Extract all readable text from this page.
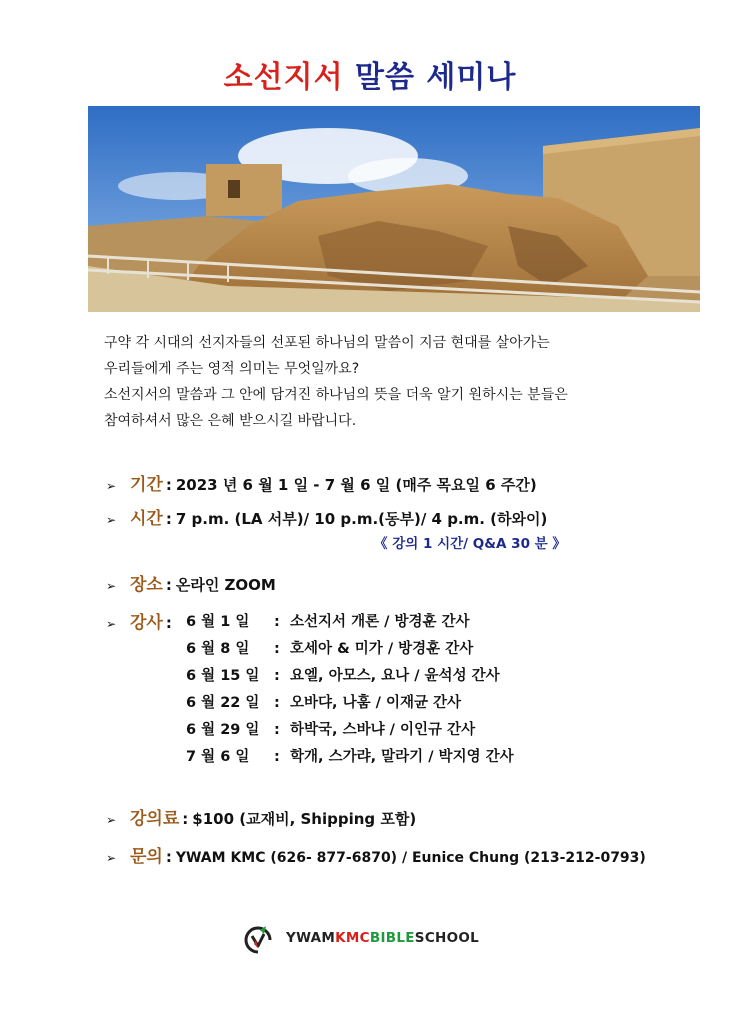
소선지서 말씀 세미나

구약 각 시대의 선지자들의 선포된 하나님의 말씀이 지금 현대를 살아가는

우리들에게 주는 영적 의미는 무엇일까요?

소선지서의 말씀과 그 안에 담겨진 하나님의 뜻을 더욱 알기 원하시는 분들은

참여하셔서 많은 은혜 받으시길 바랍니다.

➢ 기간 : 2023 년 6 월 1 일 - 7 월 6 일 (매주 목요일 6 주간)
➢ 시간 : 7 p.m. (LA 서부)/ 10 p.m.(동부)/ 4 p.m. (하와이)
《 강의 1 시간/ Q&A 30 분 》
➢ 장소 : 온라인 ZOOM
➢ 강사 : 6 월 1 일 : 소선지서 개론 / 방경훈 간사
6 월 8 일 : 호세아 & 미가 / 방경훈 간사
6 월 15 일 : 요엘, 아모스, 요나 / 윤석성 간사
6 월 22 일 : 오바댜, 나훔 / 이재균 간사
6 월 29 일 : 하박국, 스바냐 / 이인규 간사
7 월 6 일 : 학개, 스가랴, 말라기 / 박지영 간사
➢ 강의료 : $100 (교재비, Shipping 포함)
➢ 문의 : YWAM KMC (626- 877-6870) / Eunice Chung (213-212-0793)
YWAM KMC BIBLE SCHOOL
